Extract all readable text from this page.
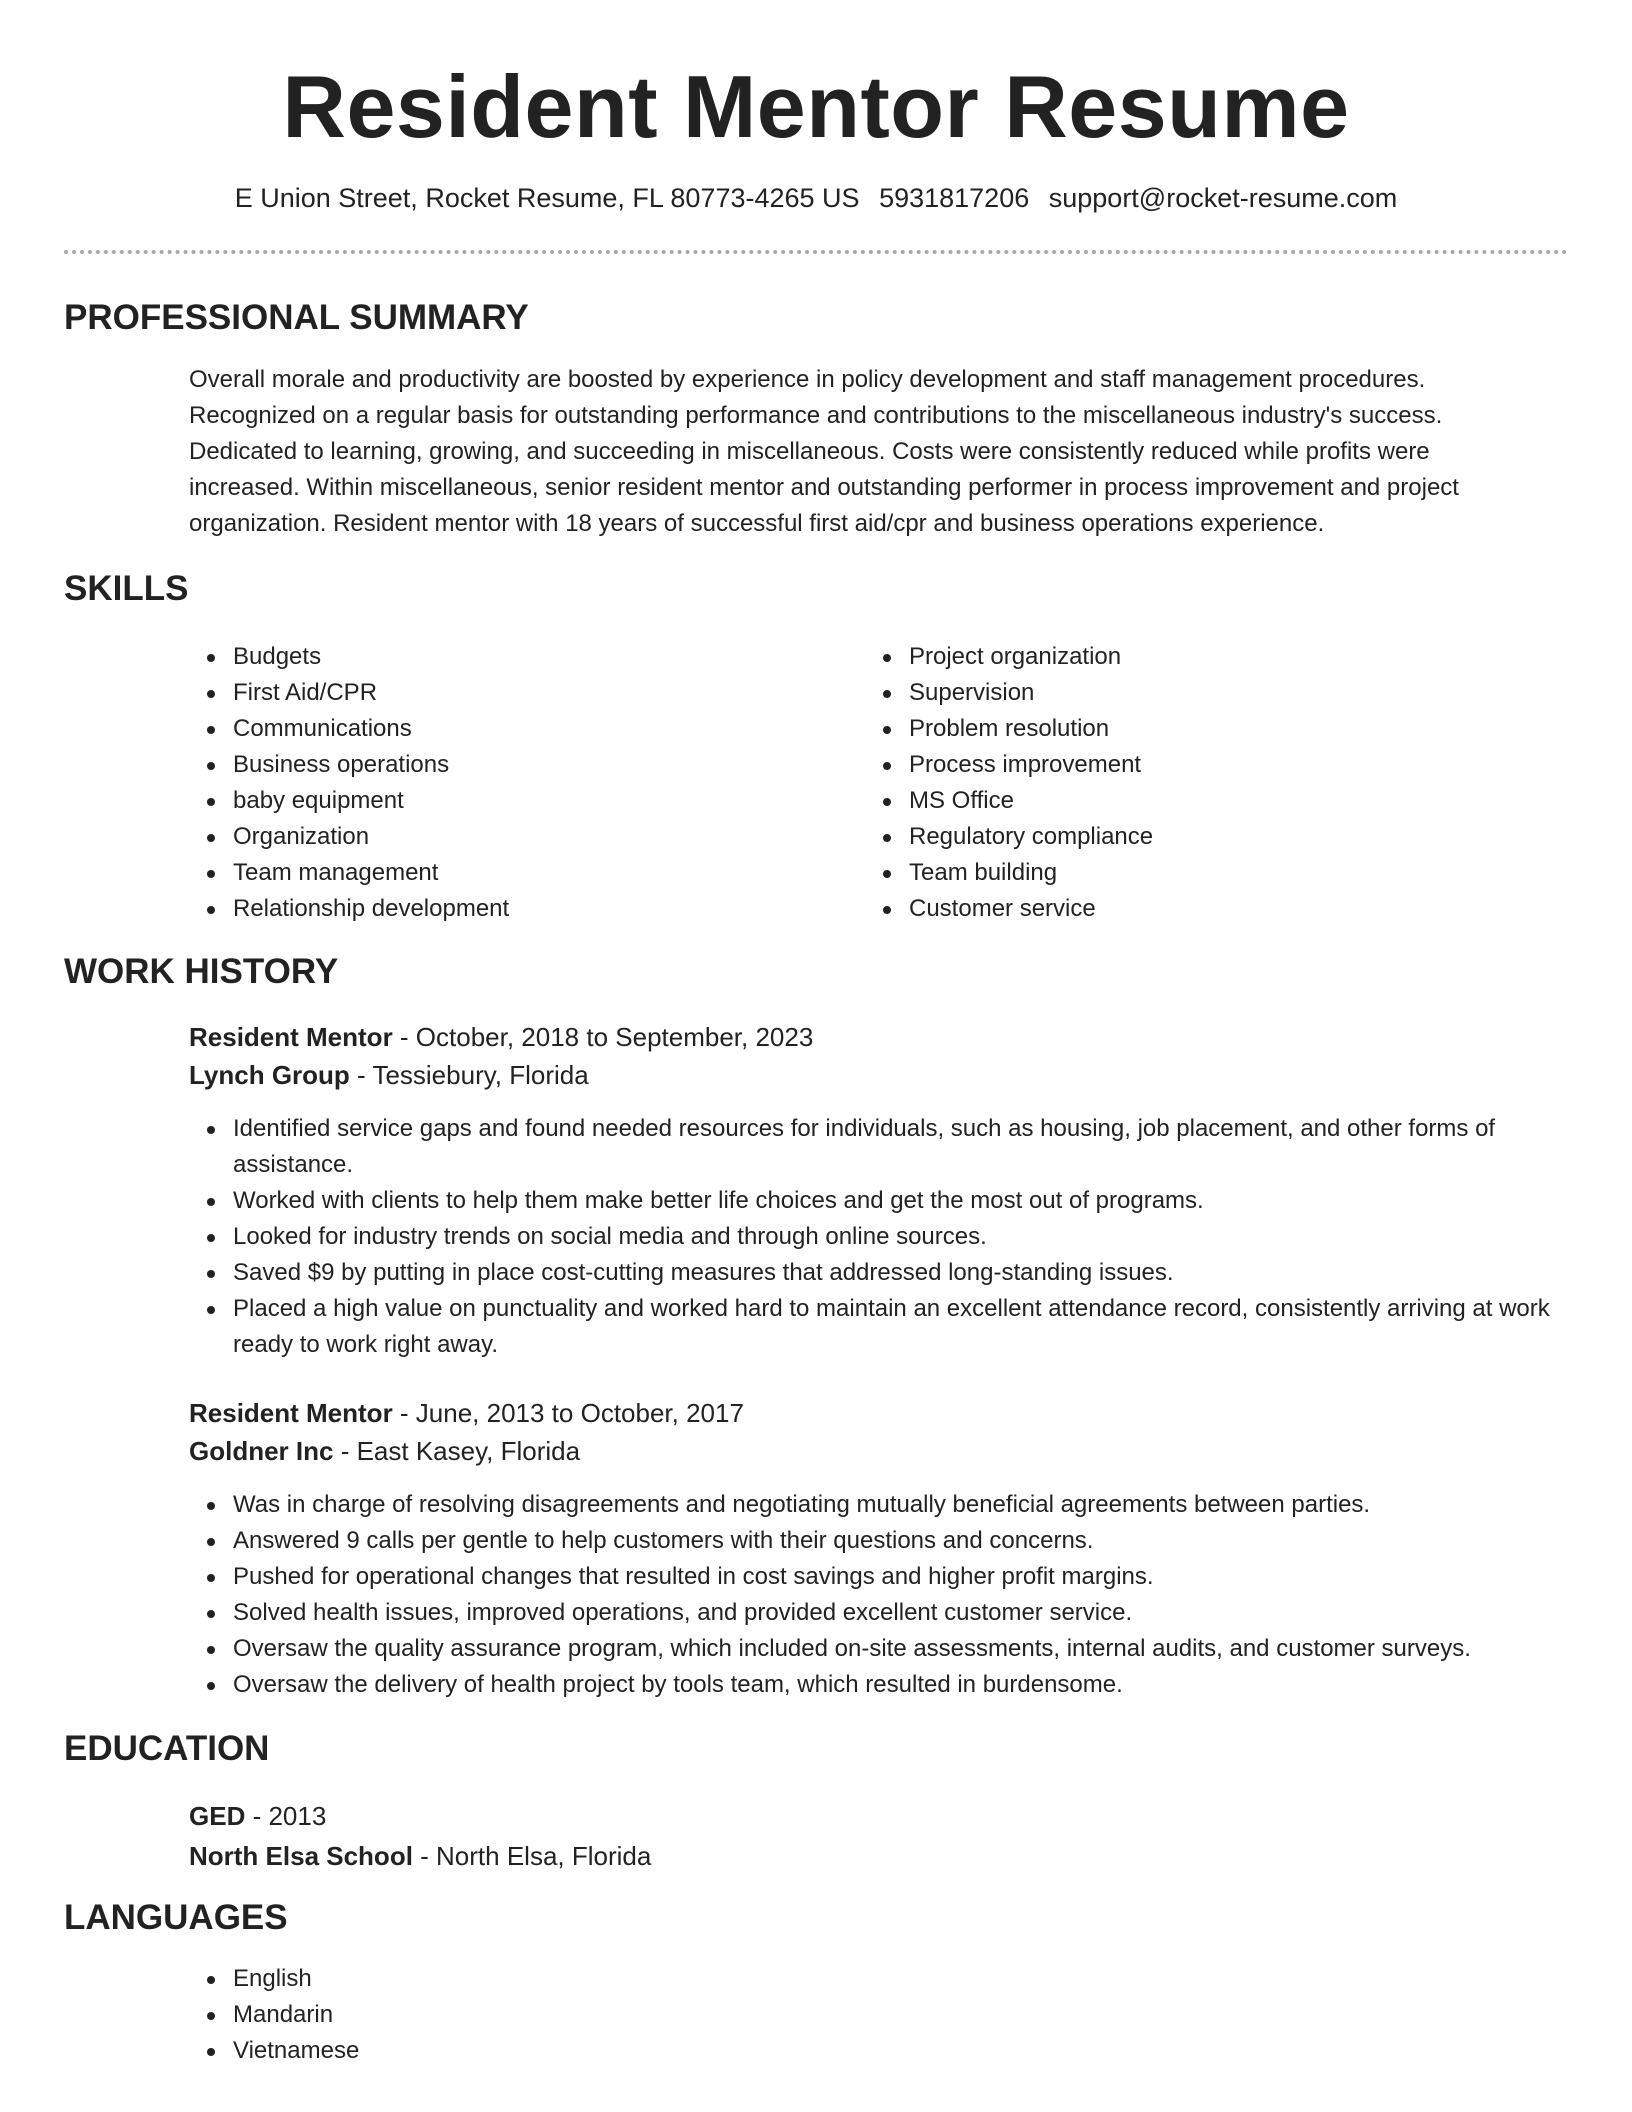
Resident Mentor Resume
E Union Street, Rocket Resume, FL 80773-4265 US 5931817206 support@rocket-resume.com
PROFESSIONAL SUMMARY
Overall morale and productivity are boosted by experience in policy development and staff management procedures. Recognized on a regular basis for outstanding performance and contributions to the miscellaneous industry's success. Dedicated to learning, growing, and succeeding in miscellaneous. Costs were consistently reduced while profits were increased. Within miscellaneous, senior resident mentor and outstanding performer in process improvement and project organization. Resident mentor with 18 years of successful first aid/cpr and business operations experience.
SKILLS
Budgets
First Aid/CPR
Communications
Business operations
baby equipment
Organization
Team management
Relationship development
Project organization
Supervision
Problem resolution
Process improvement
MS Office
Regulatory compliance
Team building
Customer service
WORK HISTORY
Resident Mentor - October, 2018 to September, 2023
Lynch Group - Tessiebury, Florida
Identified service gaps and found needed resources for individuals, such as housing, job placement, and other forms of assistance.
Worked with clients to help them make better life choices and get the most out of programs.
Looked for industry trends on social media and through online sources.
Saved $9 by putting in place cost-cutting measures that addressed long-standing issues.
Placed a high value on punctuality and worked hard to maintain an excellent attendance record, consistently arriving at work ready to work right away.
Resident Mentor - June, 2013 to October, 2017
Goldner Inc - East Kasey, Florida
Was in charge of resolving disagreements and negotiating mutually beneficial agreements between parties.
Answered 9 calls per gentle to help customers with their questions and concerns.
Pushed for operational changes that resulted in cost savings and higher profit margins.
Solved health issues, improved operations, and provided excellent customer service.
Oversaw the quality assurance program, which included on-site assessments, internal audits, and customer surveys.
Oversaw the delivery of health project by tools team, which resulted in burdensome.
EDUCATION
GED - 2013
North Elsa School - North Elsa, Florida
LANGUAGES
English
Mandarin
Vietnamese
